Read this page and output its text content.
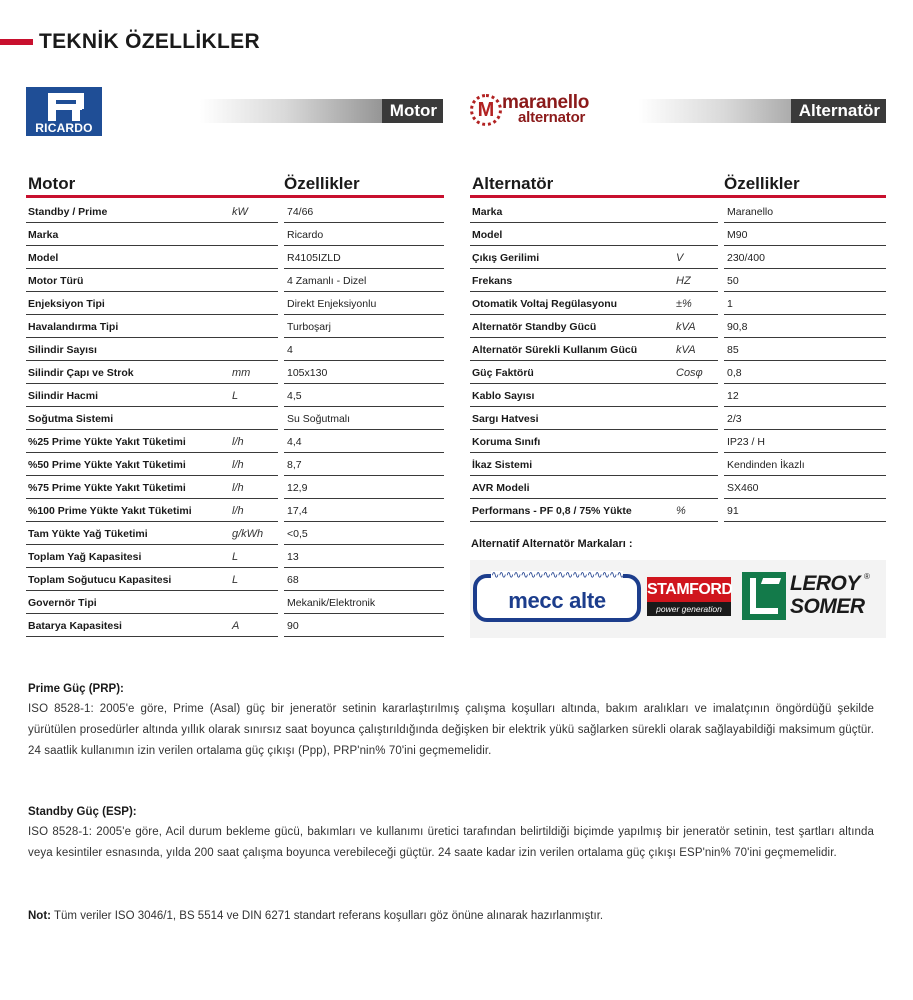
TEKNİK ÖZELLİKLER
RICARDO
Motor	M maranello
alternator	Alternatör
Motor	Özellikler
Standby / Prime	kW	74/66
Marka	Ricardo
Model	R4105IZLD
Motor Türü	4 Zamanlı - Dizel
Enjeksiyon Tipi	Direkt Enjeksiyonlu
Havalandırma Tipi	Turboşarj
Silindir Sayısı	4
Silindir Çapı ve Strok	mm	105x130
Silindir Hacmi	L	4,5
Soğutma Sistemi	Su Soğutmalı
%25 Prime Yükte Yakıt Tüketimi	l/h	4,4
%50 Prime Yükte Yakıt Tüketimi	l/h	8,7
%75 Prime Yükte Yakıt Tüketimi	l/h	12,9
%100 Prime Yükte Yakıt Tüketimi	l/h	17,4
Tam Yükte Yağ Tüketimi	g/kWh <0,5
Toplam Yağ Kapasitesi	L	13
Toplam Soğutucu Kapasitesi	L	68
Governör Tipi	Mekanik/Elektronik
Batarya Kapasitesi	A	90
Alternatör	Özellikler
Marka	Maranello
Model	M90
Çıkış Gerilimi	V	230/400
Frekans	HZ	50
Otomatik Voltaj Regülasyonu	±%	1
Alternatör Standby Gücü	kVA	90,8
Alternatör Sürekli Kullanım Gücü	kVA	85
Güç Faktörü	Cosφ 0,8
Kablo Sayısı	12
Sargı Hatvesi	2/3
Koruma Sınıfı	IP23 / H
İkaz Sistemi	Kendinden İkazlı
AVR Modeli	SX460
Performans - PF 0,8 / 75% Yükte	%	91
Alternatif Alternatör Markaları :
∿∿∿∿∿∿∿∿∿∿∿∿∿∿∿∿∿∿
mecc alte	STAMFORD
power generation
LEROY
SOMER
®
Prime Güç (PRP):
ISO 8528-1: 2005'e göre, Prime (Asal) güç bir jeneratör setinin kararlaştırılmış çalışma koşulları altında, bakım aralıkları ve imalatçının öngördüğü şekilde yürütülen prosedürler altında yıllık olarak sınırsız saat boyunca çalıştırıldığında değişken bir elektrik yükü sağlarken sürekli olarak sağlayabildiği maksimum güçtür. 24 saatlik kullanımın izin verilen ortalama güç çıkışı (Ppp), PRP'nin% 70'ini geçmemelidir.
Standby Güç (ESP):
ISO 8528-1: 2005'e göre, Acil durum bekleme gücü, bakımları ve kullanımı üretici tarafından belirtildiği biçimde yapılmış bir jeneratör setinin, test şartları altında veya kesintiler esnasında, yılda 200 saat çalışma boyunca verebileceği güçtür. 24 saate kadar izin verilen ortalama güç çıkışı ESP'nin% 70'ini geçmemelidir.
Not: Tüm veriler ISO 3046/1, BS 5514 ve DIN 6271 standart referans koşulları göz önüne alınarak hazırlanmıştır.
